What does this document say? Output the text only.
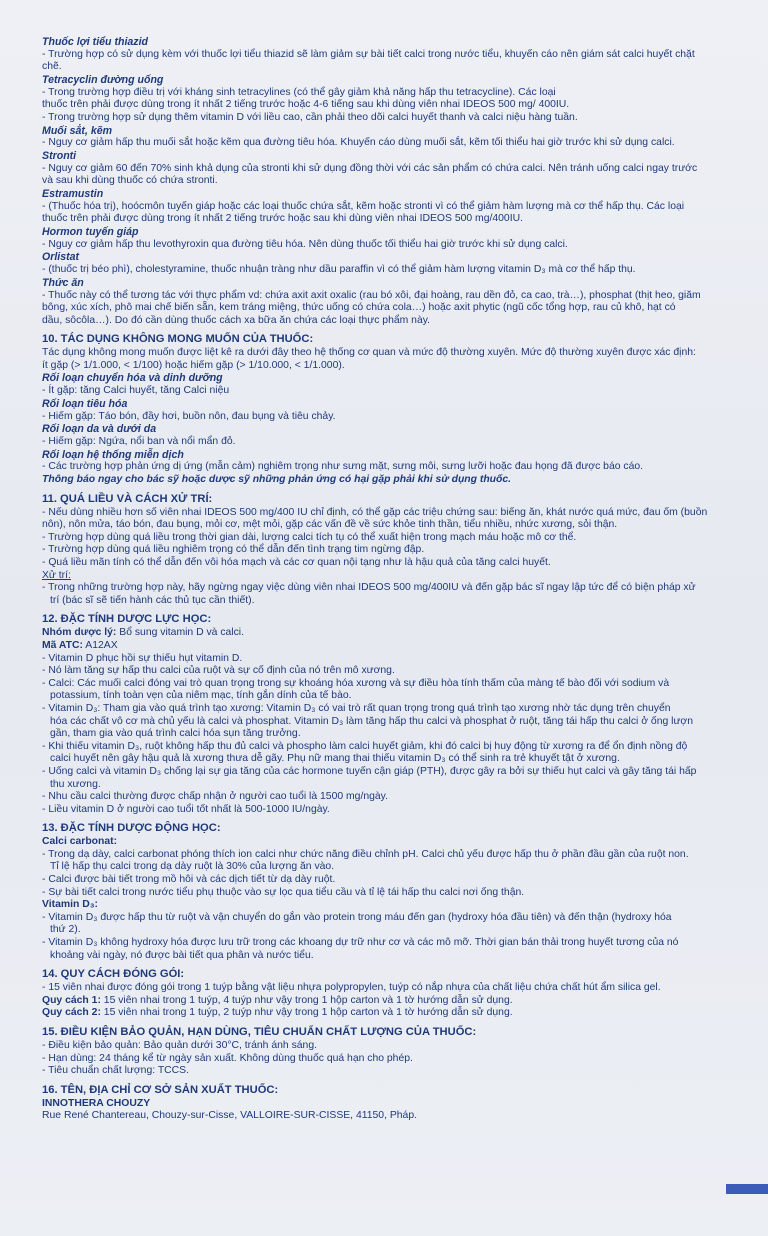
Thuốc lợi tiểu thiazid

- Trường hợp có sử dụng kèm với thuốc lợi tiểu thiazid sẽ làm giảm sự bài tiết calci trong nước tiểu, khuyến cáo nên giám sát calci huyết chặt

chẽ.

Tetracyclin đường uống

- Trong trường hợp điều trị với kháng sinh tetracylines (có thể gây giảm khả năng hấp thu tetracycline). Các loại

thuốc trên phải được dùng trong ít nhất 2 tiếng trước hoặc 4-6 tiếng sau khi dùng viên nhai IDEOS 500 mg/ 400IU.

- Trong trường hợp sử dụng thêm vitamin D với liều cao, cần phải theo dõi calci huyết thanh và calci niệu hàng tuần.

Muối sắt, kẽm

- Nguy cơ giảm hấp thu muối sắt hoặc kẽm qua đường tiêu hóa. Khuyến cáo dùng muối sắt, kẽm tối thiểu hai giờ trước khi sử dụng calci.

Stronti

- Nguy cơ giảm 60 đến 70% sinh khả dụng của stronti khi sử dụng đồng thời với các sản phẩm có chứa calci. Nên tránh uống calci ngay trước

và sau khi dùng thuốc có chứa stronti.

Estramustin

- (Thuốc hóa trị), hoócmôn tuyến giáp hoặc các loại thuốc chứa sắt, kẽm hoặc stronti vì có thể giảm hàm lượng mà cơ thể hấp thụ. Các loại

thuốc trên phải được dùng trong ít nhất 2 tiếng trước hoặc sau khi dùng viên nhai IDEOS 500 mg/400IU.

Hormon tuyến giáp

- Nguy cơ giảm hấp thu levothyroxin qua đường tiêu hóa. Nên dùng thuốc tối thiểu hai giờ trước khi sử dụng calci.

Orlistat

- (thuốc trị béo phì), cholestyramine, thuốc nhuận tràng như dầu paraffin vì có thể giảm hàm lượng vitamin D₃ mà cơ thể hấp thụ.

Thức ăn

- Thuốc này có thể tương tác với thực phẩm vd: chứa axit axit oxalic (rau bó xôi, đại hoàng, rau dền đỏ, ca cao, trà…), phosphat (thịt heo, giăm

bông, xúc xích, phô mai chế biến sẵn, kem tráng miệng, thức uống có chứa cola…) hoặc axit phytic (ngũ cốc tổng hợp, rau củ khô, hạt có

dầu, sôcôla…). Do đó cần dùng thuốc cách xa bữa ăn chứa các loại thực phẩm này.

10. TÁC DỤNG KHÔNG MONG MUỐN CỦA THUỐC:

Tác dụng không mong muốn được liệt kê ra dưới đây theo hệ thống cơ quan và mức độ thường xuyên. Mức độ thường xuyên được xác định:

ít gặp (> 1/1.000, < 1/100) hoặc hiếm gặp (> 1/10.000, < 1/1.000).

Rối loạn chuyển hóa và dinh dưỡng

- Ít gặp: tăng Calci huyết, tăng Calci niệu

Rối loạn tiêu hóa

- Hiếm gặp: Táo bón, đầy hơi, buồn nôn, đau bụng và tiêu chảy.

Rối loạn da và dưới da

- Hiếm gặp: Ngứa, nổi ban và nổi mẩn đỏ.

Rối loạn hệ thống miễn dịch

- Các trường hợp phản ứng dị ứng (mẫn cảm) nghiêm trọng như sưng mặt, sưng môi, sưng lưỡi hoặc đau họng đã được báo cáo.

Thông báo ngay cho bác sỹ hoặc dược sỹ những phản ứng có hại gặp phải khi sử dụng thuốc.

11. QUÁ LIỀU VÀ CÁCH XỬ TRÍ:

- Nếu dùng nhiều hơn số viên nhai IDEOS 500 mg/400 IU chỉ định, có thể gặp các triệu chứng sau: biếng ăn, khát nước quá mức, đau ốm (buồn

nôn), nôn mửa, táo bón, đau bụng, mỏi cơ, mệt mỏi, gặp các vấn đề về sức khỏe tinh thần, tiểu nhiều, nhức xương, sỏi thận.

- Trường hợp dùng quá liều trong thời gian dài, lượng calci tích tụ có thể xuất hiện trong mạch máu hoặc mô cơ thể.

- Trường hợp dùng quá liều nghiêm trọng có thể dẫn đến tình trạng tim ngừng đập.

- Quá liều mãn tính có thể dẫn đến vôi hóa mạch và các cơ quan nội tạng như là hậu quả của tăng calci huyết.

Xử trí:

- Trong những trường hợp này, hãy ngừng ngay việc dùng viên nhai IDEOS 500 mg/400IU và đến gặp bác sĩ ngay lập tức để có biện pháp xử

trí (bác sĩ sẽ tiến hành các thủ tục cần thiết).

12. ĐẶC TÍNH DƯỢC LỰC HỌC:

Nhóm dược lý: Bổ sung vitamin D và calci.

Mã ATC: A12AX

- Vitamin D phục hồi sự thiếu hụt vitamin D.

- Nó làm tăng sự hấp thu calci của ruột và sự cố định của nó trên mô xương.

- Calci: Các muối calci đóng vai trò quan trọng trong sự khoáng hóa xương và sự điều hòa tính thấm của màng tế bào đối với sodium và

potassium, tính toàn vẹn của niêm mạc, tính gắn dính của tế bào.

- Vitamin D₃: Tham gia vào quá trình tạo xương: Vitamin D₃ có vai trò rất quan trọng trong quá trình tạo xương nhờ tác dụng trên chuyển

hóa các chất vô cơ mà chủ yếu là calci và phosphat. Vitamin D₃ làm tăng hấp thu calci và phosphat ở ruột, tăng tái hấp thu calci ở ống lượn

gần, tham gia vào quá trình calci hóa sụn tăng trưởng.

- Khi thiếu vitamin D₃, ruột không hấp thu đủ calci và phospho làm calci huyết giảm, khi đó calci bị huy động từ xương ra để ổn định nồng độ

calci huyết nên gây hậu quả là xương thưa dễ gãy. Phụ nữ mang thai thiếu vitamin D₃ có thể sinh ra trẻ khuyết tật ở xương.

- Uống calci và vitamin D₃ chống lại sự gia tăng của các hormone tuyến cận giáp (PTH), được gây ra bởi sự thiếu hụt calci và gây tăng tái hấp

thu xương.

- Nhu cầu calci thường được chấp nhận ở người cao tuổi là 1500 mg/ngày.

- Liều vitamin D ở người cao tuổi tốt nhất là 500-1000 IU/ngày.

13. ĐẶC TÍNH DƯỢC ĐỘNG HỌC:

Calci carbonat:

- Trong dạ dày, calci carbonat phóng thích ion calci như chức năng điều chỉnh pH. Calci chủ yếu được hấp thu ở phần đầu gần của ruột non.

Tỉ lệ hấp thụ calci trong dạ dày ruột là 30% của lượng ăn vào.

- Calci được bài tiết trong mồ hôi và các dịch tiết từ dạ dày ruột.

- Sự bài tiết calci trong nước tiểu phụ thuộc vào sự lọc qua tiểu cầu và tỉ lệ tái hấp thu calci nơi ống thận.

Vitamin D₃:

- Vitamin D₃ được hấp thu từ ruột và vận chuyển do gắn vào protein trong máu đến gan (hydroxy hóa đầu tiên) và đến thận (hydroxy hóa

thứ 2).

- Vitamin D₃ không hydroxy hóa được lưu trữ trong các khoang dự trữ như cơ và các mô mỡ. Thời gian bán thải trong huyết tương của nó

khoảng vài ngày, nó được bài tiết qua phân và nước tiểu.

14. QUY CÁCH ĐÓNG GÓI:

- 15 viên nhai được đóng gói trong 1 tuýp bằng vật liệu nhựa polypropylen, tuýp có nắp nhựa của chất liệu chứa chất hút ẩm silica gel.

Quy cách 1: 15 viên nhai trong 1 tuýp, 4 tuýp như vậy trong 1 hộp carton và 1 tờ hướng dẫn sử dụng.

Quy cách 2: 15 viên nhai trong 1 tuýp, 2 tuýp như vậy trong 1 hộp carton và 1 tờ hướng dẫn sử dụng.

15. ĐIỀU KIỆN BẢO QUẢN, HẠN DÙNG, TIÊU CHUẨN CHẤT LƯỢNG CỦA THUỐC:

- Điều kiện bảo quản: Bảo quản dưới 30°C, tránh ánh sáng.

- Hạn dùng: 24 tháng kể từ ngày sản xuất. Không dùng thuốc quá hạn cho phép.

- Tiêu chuẩn chất lượng: TCCS.

16. TÊN, ĐỊA CHỈ CƠ SỞ SẢN XUẤT THUỐC:

INNOTHERA CHOUZY

Rue René Chantereau, Chouzy-sur-Cisse, VALLOIRE-SUR-CISSE, 41150, Pháp.
